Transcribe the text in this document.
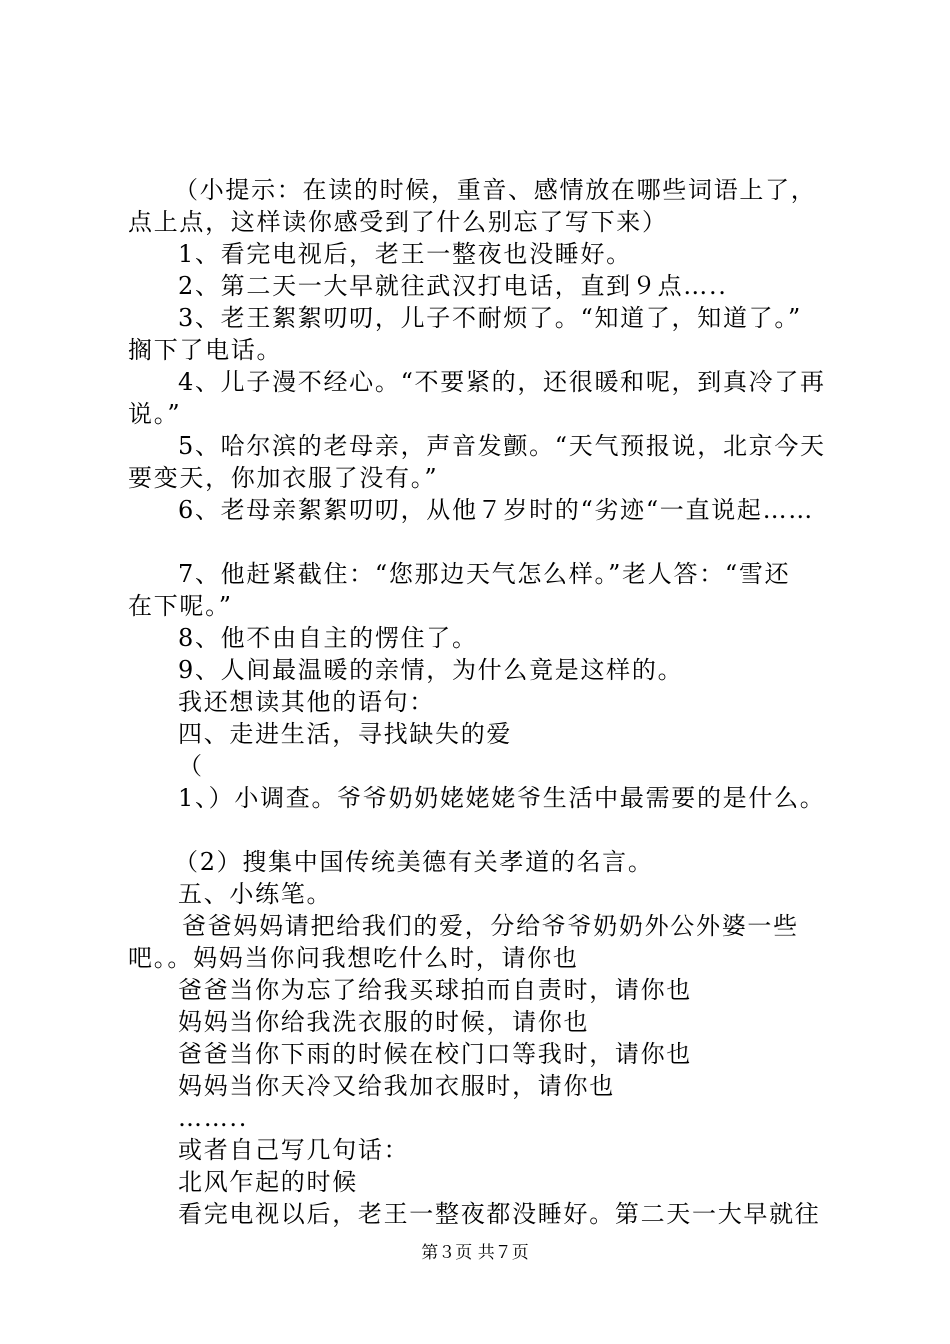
（小提示：在读的时候，重音、感情放在哪些词语上了，
点上点，这样读你感受到了什么别忘了写下来）
1、看完电视后，老王一整夜也没睡好。
2、第二天一大早就往武汉打电话，直到９点…..
3、老王絮絮叨叨，儿子不耐烦了。“知道了，知道了。”
搁下了电话。
4、儿子漫不经心。“不要紧的，还很暖和呢，到真冷了再
说。”
5、哈尔滨的老母亲，声音发颤。“天气预报说，北京今天
要变天，你加衣服了没有。”
6、老母亲絮絮叨叨，从他７岁时的“劣迹“一直说起……
7、他赶紧截住：“您那边天气怎么样。”老人答：“雪还
在下呢。”
8、他不由自主的愣住了。
9、人间最温暖的亲情，为什么竟是这样的。
我还想读其他的语句：
四、走进生活，寻找缺失的爱
（
1、）小调查。爷爷奶奶姥姥姥爷生活中最需要的是什么。
（2）搜集中国传统美德有关孝道的名言。
五、小练笔。
爸爸妈妈请把给我们的爱，分给爷爷奶奶外公外婆一些
吧。。妈妈当你问我想吃什么时，请你也
爸爸当你为忘了给我买球拍而自责时，请你也
妈妈当你给我洗衣服的时候，请你也
爸爸当你下雨的时候在校门口等我时，请你也
妈妈当你天冷又给我加衣服时，请你也
……..
或者自己写几句话：
北风乍起的时候
看完电视以后，老王一整夜都没睡好。第二天一大早就往
第３页 共７页
